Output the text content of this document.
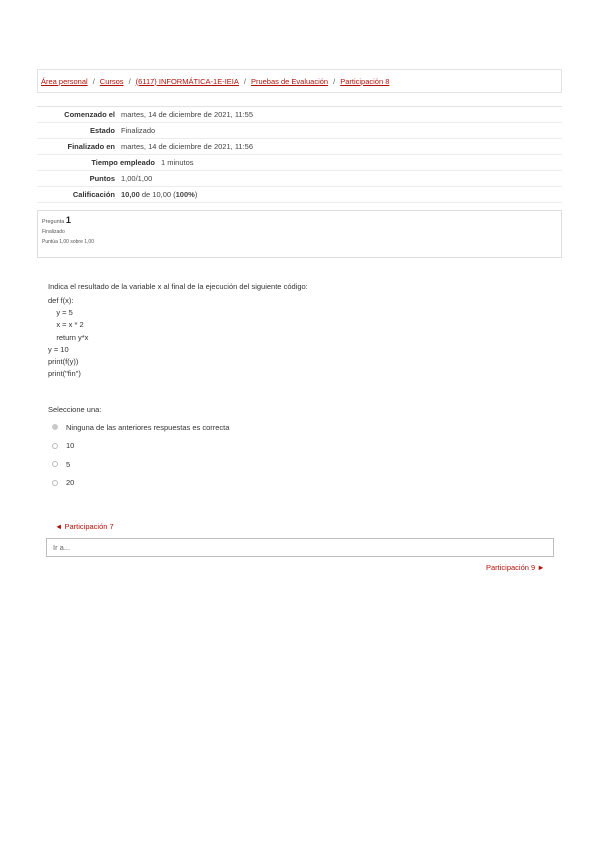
Área personal / Cursos / (6117) INFORMÁTICA-1E-IEIA / Pruebas de Evaluación / Participación 8
Comenzado el martes, 14 de diciembre de 2021, 11:55
Estado Finalizado
Finalizado en martes, 14 de diciembre de 2021, 11:56
Tiempo empleado 1 minutos
Puntos 1,00/1,00
Calificación 10,00 de 10,00 (100%)
Pregunta 1
Finalizado
Puntúa 1,00 sobre 1,00
Indica el resultado de la variable x al final de la ejecución del siguiente código:
def f(x):
y = 5
x = x * 2
return y*x
y = 10
print(f(y))
print("fin")
Seleccione una:
Ninguna de las anteriores respuestas es correcta
10
5
20
◄ Participación 7
Ir a...
Participación 9 ►
